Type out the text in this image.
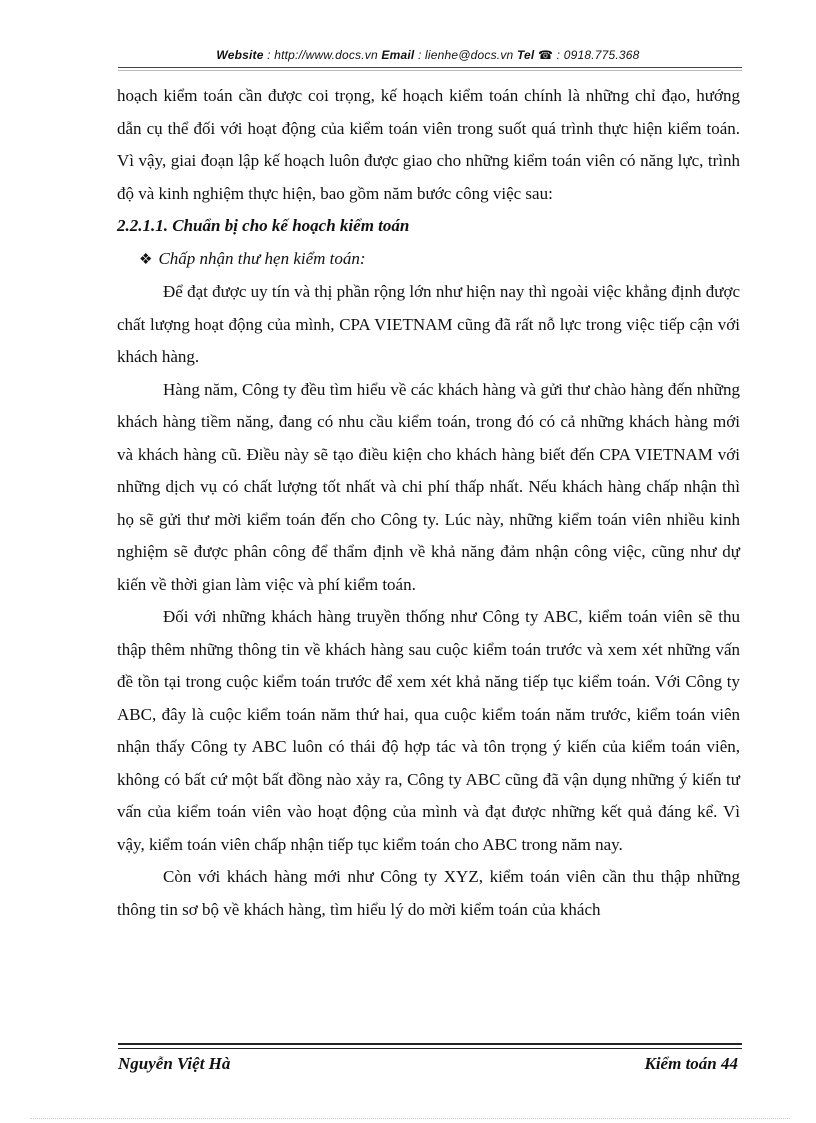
Website : http://www.docs.vn Email : lienhe@docs.vn Tel ☎ : 0918.775.368

hoạch kiểm toán cần được coi trọng, kế hoạch kiểm toán chính là những chỉ đạo, hướng dẫn cụ thể đối với hoạt động của kiểm toán viên trong suốt quá trình thực hiện kiểm toán. Vì vậy, giai đoạn lập kế hoạch luôn được giao cho những kiểm toán viên có năng lực, trình độ và kinh nghiệm thực hiện, bao gồm năm bước công việc sau:

2.2.1.1. Chuẩn bị cho kế hoạch kiểm toán

❖ Chấp nhận thư hẹn kiểm toán:

Để đạt được uy tín và thị phần rộng lớn như hiện nay thì ngoài việc khẳng định được chất lượng hoạt động của mình, CPA VIETNAM cũng đã rất nỗ lực trong việc tiếp cận với khách hàng.

Hàng năm, Công ty đều tìm hiểu về các khách hàng và gửi thư chào hàng đến những khách hàng tiềm năng, đang có nhu cầu kiểm toán, trong đó có cả những khách hàng mới và khách hàng cũ. Điều này sẽ tạo điều kiện cho khách hàng biết đến CPA VIETNAM với những dịch vụ có chất lượng tốt nhất và chi phí thấp nhất. Nếu khách hàng chấp nhận thì họ sẽ gửi thư mời kiểm toán đến cho Công ty. Lúc này, những kiểm toán viên nhiều kinh nghiệm sẽ được phân công để thẩm định về khả năng đảm nhận công việc, cũng như dự kiến về thời gian làm việc và phí kiểm toán.

Đối với những khách hàng truyền thống như Công ty ABC, kiểm toán viên sẽ thu thập thêm những thông tin về khách hàng sau cuộc kiểm toán trước và xem xét những vấn đề tồn tại trong cuộc kiểm toán trước để xem xét khả năng tiếp tục kiểm toán. Với Công ty ABC, đây là cuộc kiểm toán năm thứ hai, qua cuộc kiểm toán năm trước, kiểm toán viên nhận thấy Công ty ABC luôn có thái độ hợp tác và tôn trọng ý kiến của kiểm toán viên, không có bất cứ một bất đồng nào xảy ra, Công ty ABC cũng đã vận dụng những ý kiến tư vấn của kiểm toán viên vào hoạt động của mình và đạt được những kết quả đáng kể. Vì vậy, kiểm toán viên chấp nhận tiếp tục kiểm toán cho ABC trong năm nay.

Còn với khách hàng mới như Công ty XYZ, kiểm toán viên cần thu thập những thông tin sơ bộ về khách hàng, tìm hiểu lý do mời kiểm toán của khách

Nguyễn Việt Hà	Kiểm toán 44
